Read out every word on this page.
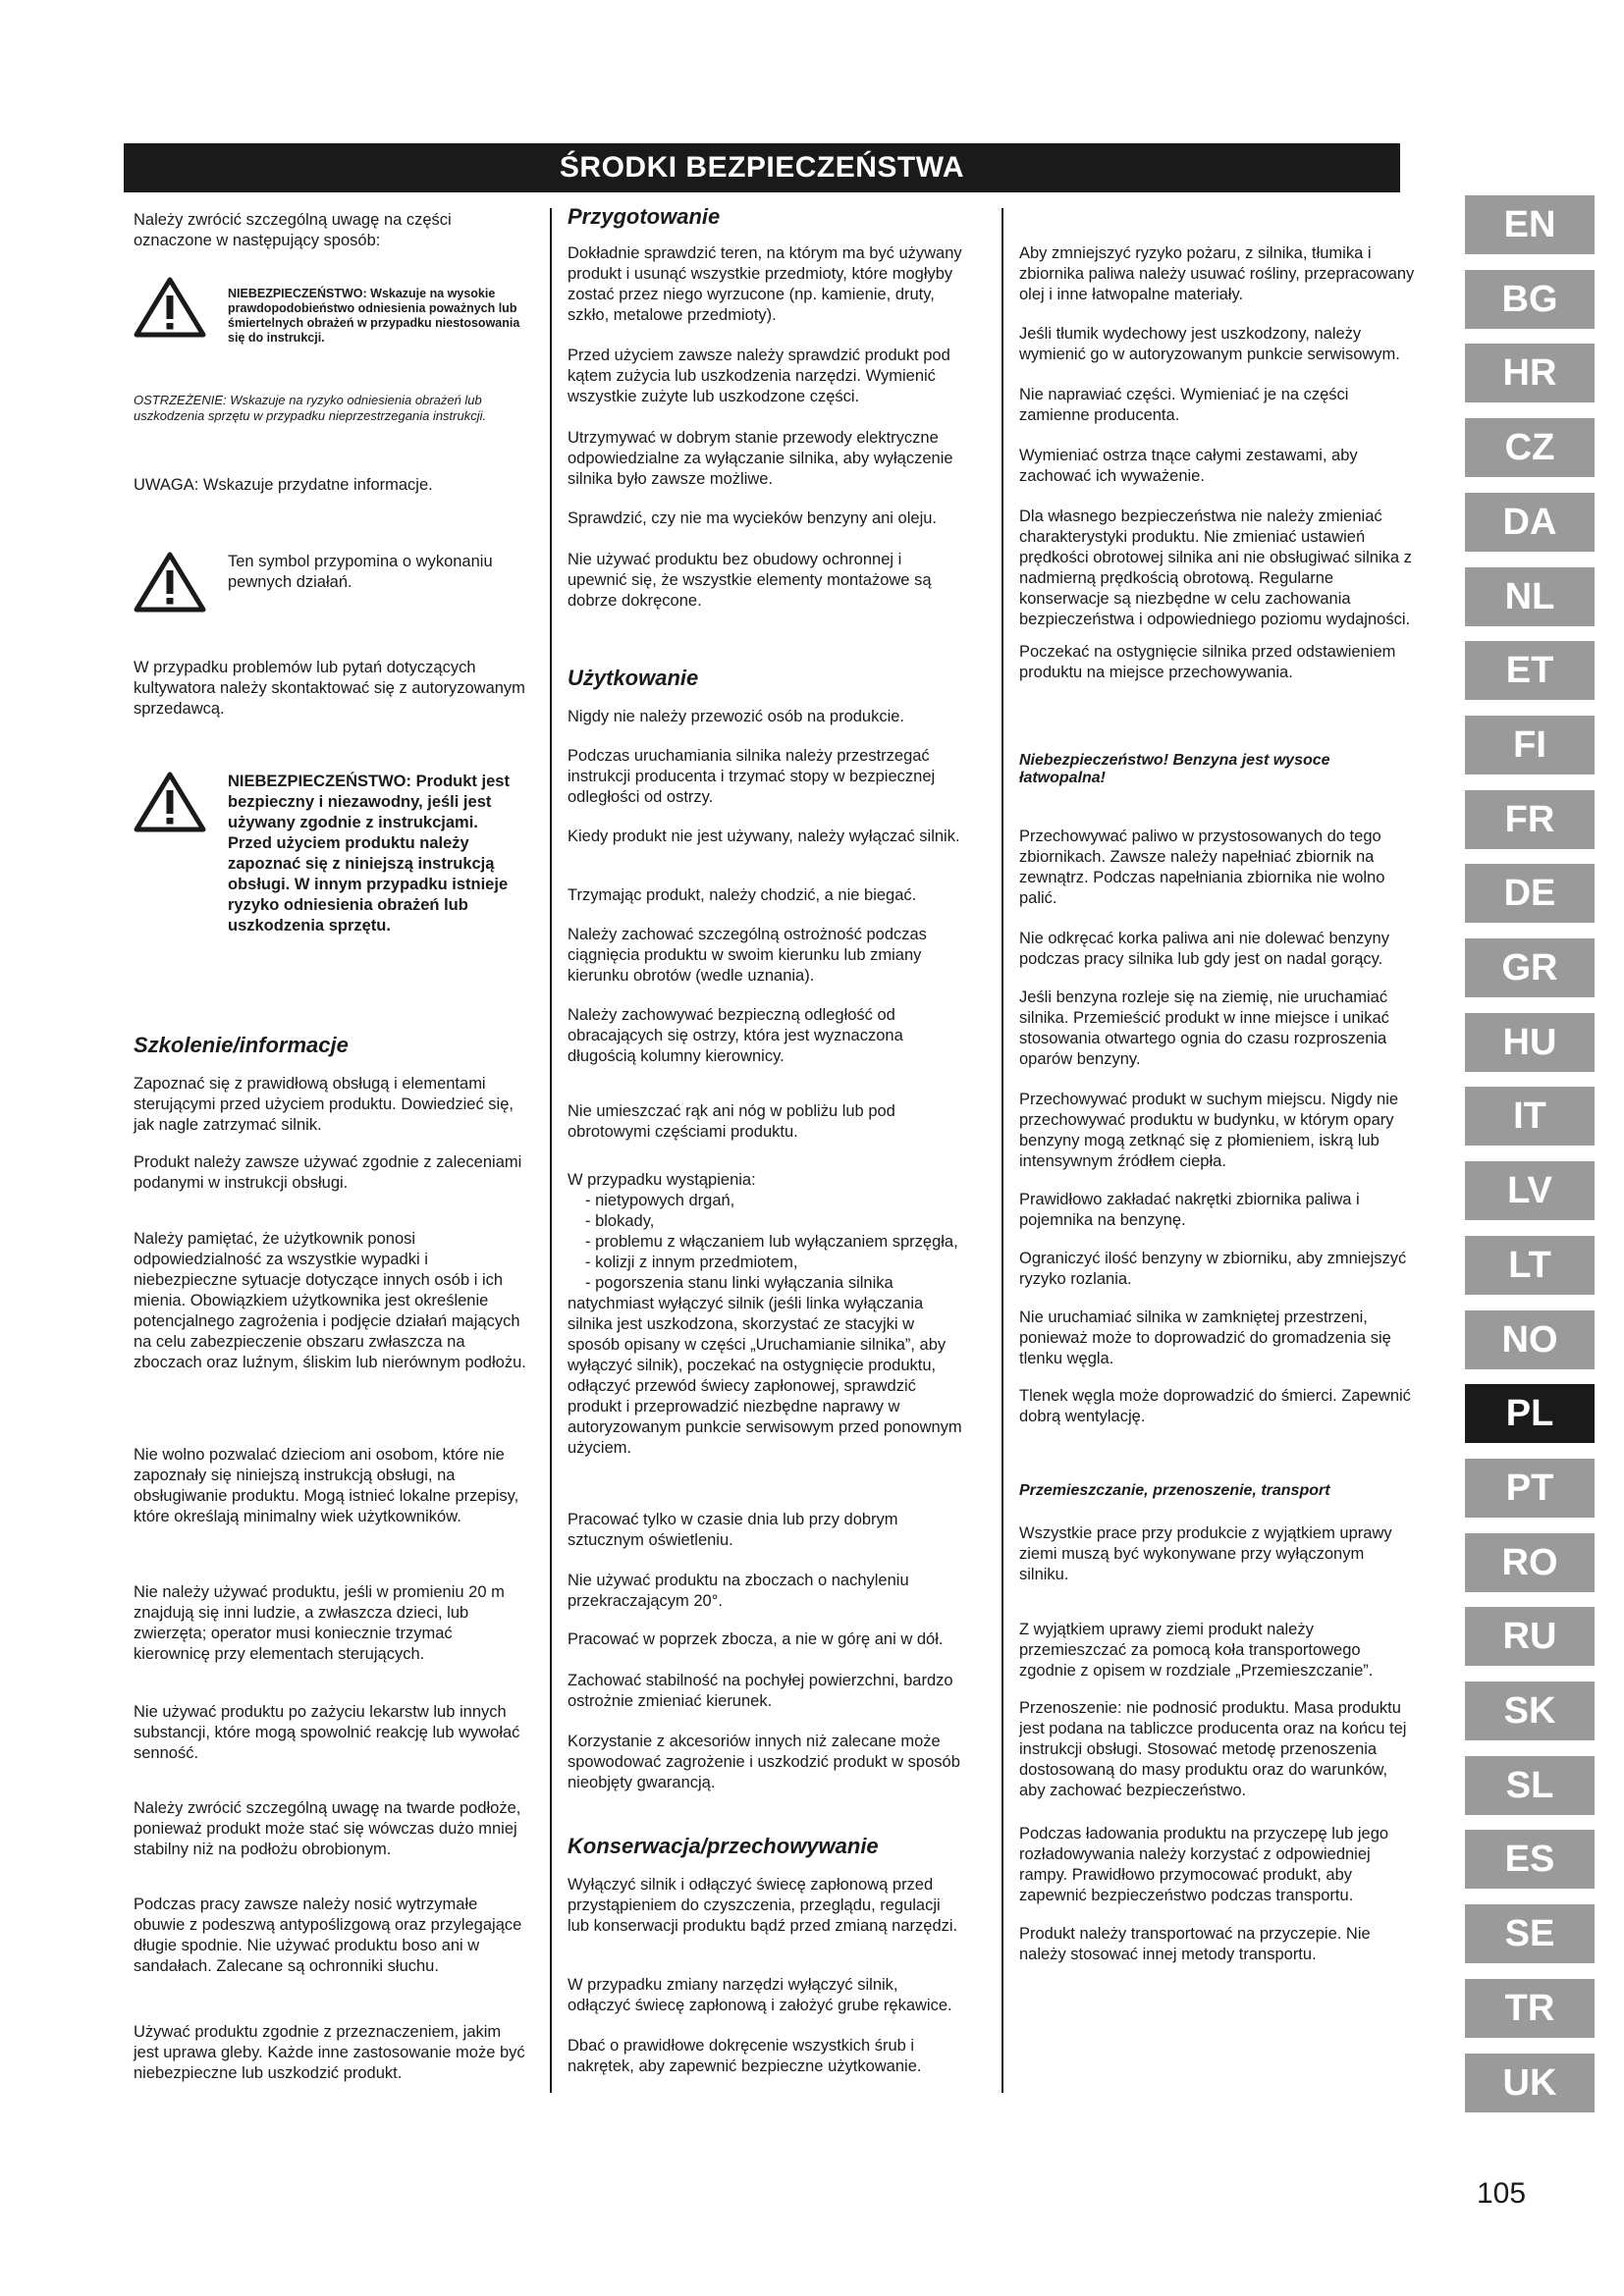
ŚRODKI BEZPIECZEŃSTWA

Należy zwrócić szczególną uwagę na części oznaczone w następujący sposób:

NIEBEZPIECZEŃSTWO: Wskazuje na wysokie prawdopodobieństwo odniesienia poważnych lub śmiertelnych obrażeń w przypadku niestosowania się do instrukcji.
OSTRZEŻENIE: Wskazuje na ryzyko odniesienia obrażeń lub uszkodzenia sprzętu w przypadku nieprzestrzegania instrukcji.

UWAGA: Wskazuje przydatne informacje.

Ten symbol przypomina o wykonaniu pewnych działań.

W przypadku problemów lub pytań dotyczących kultywatora należy skontaktować się z autoryzowanym sprzedawcą.

NIEBEZPIECZEŃSTWO: Produkt jest bezpieczny i niezawodny, jeśli jest używany zgodnie z instrukcjami. Przed użyciem produktu należy zapoznać się z niniejszą instrukcją obsługi. W innym przypadku istnieje ryzyko odniesienia obrażeń lub uszkodzenia sprzętu.
Szkolenie/informacje

Zapoznać się z prawidłową obsługą i elementami sterującymi przed użyciem produktu. Dowiedzieć się, jak nagle zatrzymać silnik.

Produkt należy zawsze używać zgodnie z zaleceniami podanymi w instrukcji obsługi.

Należy pamiętać, że użytkownik ponosi odpowiedzialność za wszystkie wypadki i niebezpieczne sytuacje dotyczące innych osób i ich mienia. Obowiązkiem użytkownika jest określenie potencjalnego zagrożenia i podjęcie działań mających na celu zabezpieczenie obszaru zwłaszcza na zboczach oraz luźnym, śliskim lub nierównym podłożu.

Nie wolno pozwalać dzieciom ani osobom, które nie zapoznały się niniejszą instrukcją obsługi, na obsługiwanie produktu. Mogą istnieć lokalne przepisy, które określają minimalny wiek użytkowników.

Nie należy używać produktu, jeśli w promieniu 20 m znajdują się inni ludzie, a zwłaszcza dzieci, lub zwierzęta; operator musi koniecznie trzymać kierownicę przy elementach sterujących.

Nie używać produktu po zażyciu lekarstw lub innych substancji, które mogą spowolnić reakcję lub wywołać senność.

Należy zwrócić szczególną uwagę na twarde podłoże, ponieważ produkt może stać się wówczas dużo mniej stabilny niż na podłożu obrobionym.

Podczas pracy zawsze należy nosić wytrzymałe obuwie z podeszwą antypoślizgową oraz przylegające długie spodnie. Nie używać produktu boso ani w sandałach. Zalecane są ochronniki słuchu.

Używać produktu zgodnie z przeznaczeniem, jakim jest uprawa gleby. Każde inne zastosowanie może być niebezpieczne lub uszkodzić produkt.

Przygotowanie

Dokładnie sprawdzić teren, na którym ma być używany produkt i usunąć wszystkie przedmioty, które mogłyby zostać przez niego wyrzucone (np. kamienie, druty, szkło, metalowe przedmioty).

Przed użyciem zawsze należy sprawdzić produkt pod kątem zużycia lub uszkodzenia narzędzi. Wymienić wszystkie zużyte lub uszkodzone części.

Utrzymywać w dobrym stanie przewody elektryczne odpowiedzialne za wyłączanie silnika, aby wyłączenie silnika było zawsze możliwe.

Sprawdzić, czy nie ma wycieków benzyny ani oleju.

Nie używać produktu bez obudowy ochronnej i upewnić się, że wszystkie elementy montażowe są dobrze dokręcone.

Użytkowanie

Nigdy nie należy przewozić osób na produkcie.

Podczas uruchamiania silnika należy przestrzegać instrukcji producenta i trzymać stopy w bezpiecznej odległości od ostrzy.

Kiedy produkt nie jest używany, należy wyłączać silnik.

Trzymając produkt, należy chodzić, a nie biegać.

Należy zachować szczególną ostrożność podczas ciągnięcia produktu w swoim kierunku lub zmiany kierunku obrotów (wedle uznania).

Należy zachowywać bezpieczną odległość od obracających się ostrzy, która jest wyznaczona długością kolumny kierownicy.

Nie umieszczać rąk ani nóg w pobliżu lub pod obrotowymi częściami produktu.

W przypadku wystąpienia:
- nietypowych drgań,
- blokady,
- problemu z włączaniem lub wyłączaniem sprzęgła,
- kolizji z innym przedmiotem,
- pogorszenia stanu linki wyłączania silnika
natychmiast wyłączyć silnik (jeśli linka wyłączania silnika jest uszkodzona, skorzystać ze stacyjki w sposób opisany w części „Uruchamianie silnika”, aby wyłączyć silnik), poczekać na ostygnięcie produktu, odłączyć przewód świecy zapłonowej, sprawdzić produkt i przeprowadzić niezbędne naprawy w autoryzowanym punkcie serwisowym przed ponownym użyciem.

Pracować tylko w czasie dnia lub przy dobrym sztucznym oświetleniu.

Nie używać produktu na zboczach o nachyleniu przekraczającym 20°.

Pracować w poprzek zbocza, a nie w górę ani w dół.

Zachować stabilność na pochyłej powierzchni, bardzo ostrożnie zmieniać kierunek.

Korzystanie z akcesoriów innych niż zalecane może spowodować zagrożenie i uszkodzić produkt w sposób nieobjęty gwarancją.

Konserwacja/przechowywanie

Wyłączyć silnik i odłączyć świecę zapłonową przed przystąpieniem do czyszczenia, przeglądu, regulacji lub konserwacji produktu bądź przed zmianą narzędzi.

W przypadku zmiany narzędzi wyłączyć silnik, odłączyć świecę zapłonową i założyć grube rękawice.

Dbać o prawidłowe dokręcenie wszystkich śrub i nakrętek, aby zapewnić bezpieczne użytkowanie.

Aby zmniejszyć ryzyko pożaru, z silnika, tłumika i zbiornika paliwa należy usuwać rośliny, przepracowany olej i inne łatwopalne materiały.

Jeśli tłumik wydechowy jest uszkodzony, należy wymienić go w autoryzowanym punkcie serwisowym.

Nie naprawiać części. Wymieniać je na części zamienne producenta.

Wymieniać ostrza tnące całymi zestawami, aby zachować ich wyważenie.

Dla własnego bezpieczeństwa nie należy zmieniać charakterystyki produktu. Nie zmieniać ustawień prędkości obrotowej silnika ani nie obsługiwać silnika z nadmierną prędkością obrotową. Regularne konserwacje są niezbędne w celu zachowania bezpieczeństwa i odpowiedniego poziomu wydajności.

Poczekać na ostygnięcie silnika przed odstawieniem produktu na miejsce przechowywania.

Niebezpieczeństwo! Benzyna jest wysoce łatwopalna!

Przechowywać paliwo w przystosowanych do tego zbiornikach. Zawsze należy napełniać zbiornik na zewnątrz. Podczas napełniania zbiornika nie wolno palić.

Nie odkręcać korka paliwa ani nie dolewać benzyny podczas pracy silnika lub gdy jest on nadal gorący.

Jeśli benzyna rozleje się na ziemię, nie uruchamiać silnika. Przemieścić produkt w inne miejsce i unikać stosowania otwartego ognia do czasu rozproszenia oparów benzyny.

Przechowywać produkt w suchym miejscu. Nigdy nie przechowywać produktu w budynku, w którym opary benzyny mogą zetknąć się z płomieniem, iskrą lub intensywnym źródłem ciepła.

Prawidłowo zakładać nakrętki zbiornika paliwa i pojemnika na benzynę.

Ograniczyć ilość benzyny w zbiorniku, aby zmniejszyć ryzyko rozlania.

Nie uruchamiać silnika w zamkniętej przestrzeni, ponieważ może to doprowadzić do gromadzenia się tlenku węgla.

Tlenek węgla może doprowadzić do śmierci. Zapewnić dobrą wentylację.

Przemieszczanie, przenoszenie, transport

Wszystkie prace przy produkcie z wyjątkiem uprawy ziemi muszą być wykonywane przy wyłączonym silniku.

Z wyjątkiem uprawy ziemi produkt należy przemieszczać za pomocą koła transportowego zgodnie z opisem w rozdziale „Przemieszczanie”.

Przenoszenie: nie podnosić produktu. Masa produktu jest podana na tabliczce producenta oraz na końcu tej instrukcji obsługi. Stosować metodę przenoszenia dostosowaną do masy produktu oraz do warunków, aby zachować bezpieczeństwo.

Podczas ładowania produktu na przyczepę lub jego rozładowywania należy korzystać z odpowiedniej rampy. Prawidłowo przymocować produkt, aby zapewnić bezpieczeństwo podczas transportu.

Produkt należy transportować na przyczepie. Nie należy stosować innej metody transportu.

EN
BG
HR
CZ
DA
NL
ET
FI
FR
DE
GR
HU
IT
LV
LT
NO
PL
PT
RO
RU
SK
SL
ES
SE
TR
UK
105
